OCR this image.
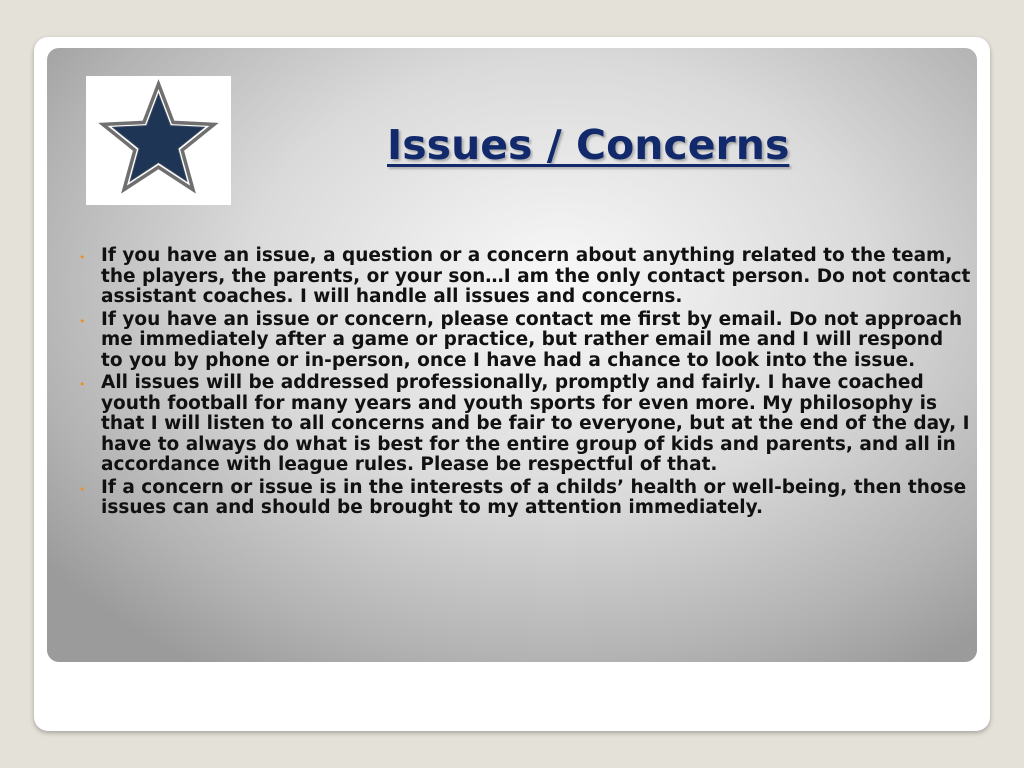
Issues / Concerns
• If you have an issue, a question or a concern about anything related to the team, the players, the parents, or your son…I am the only contact person. Do not contact assistant coaches. I will handle all issues and concerns.
• If you have an issue or concern, please contact me first by email. Do not approach me immediately after a game or practice, but rather email me and I will respond to you by phone or in-person, once I have had a chance to look into the issue.
• All issues will be addressed professionally, promptly and fairly. I have coached youth football for many years and youth sports for even more. My philosophy is that I will listen to all concerns and be fair to everyone, but at the end of the day, I have to always do what is best for the entire group of kids and parents, and all in accordance with league rules. Please be respectful of that.
• If a concern or issue is in the interests of a childs’ health or well-being, then those issues can and should be brought to my attention immediately.
